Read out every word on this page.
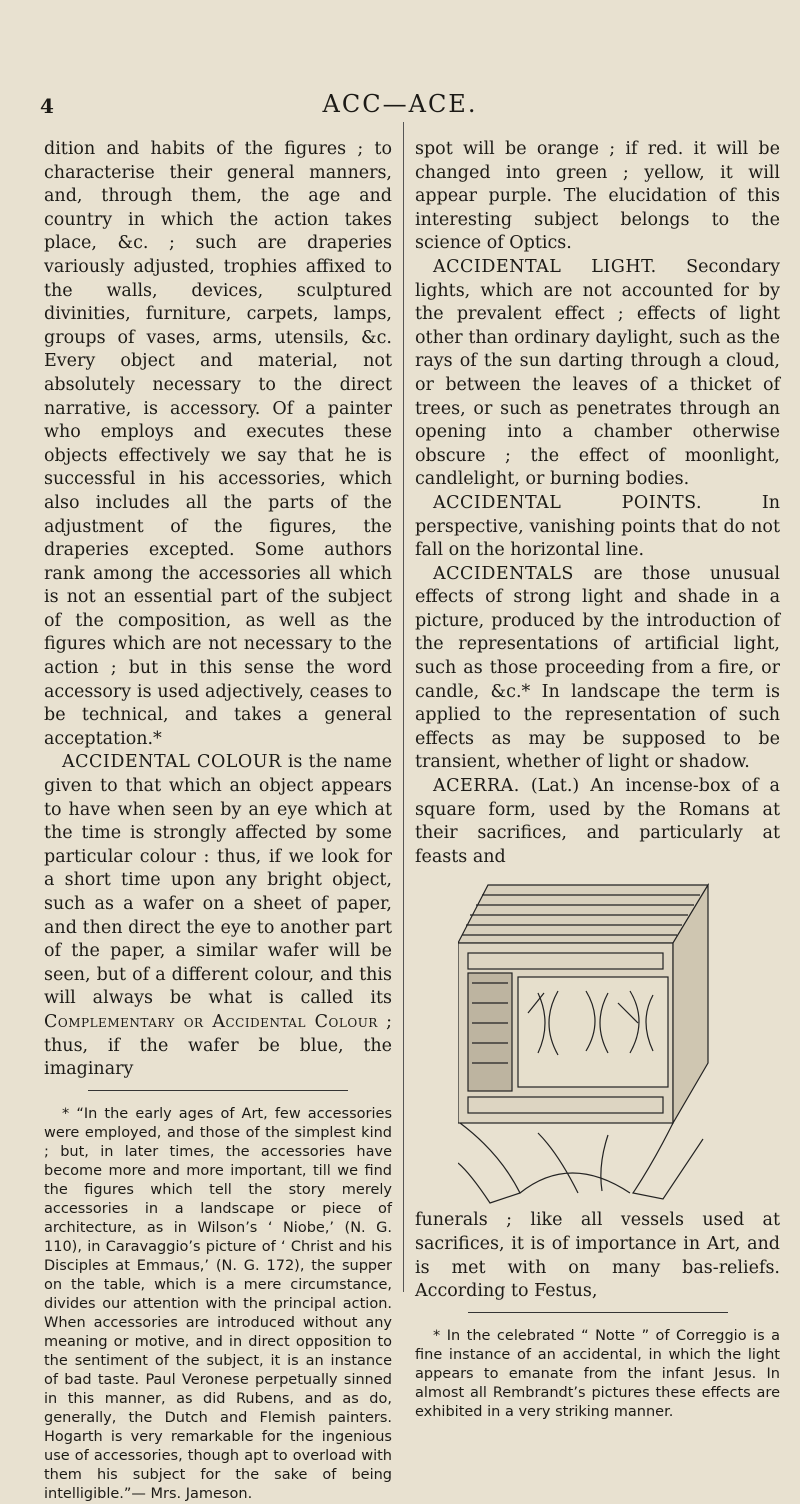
4	ACC—ACE.

dition and habits of the figures ; to characterise their general manners, and, through them, the age and country in which the action takes place, &c. ; such are draperies variously adjusted, trophies affixed to the walls, devices, sculptured divinities, furniture, carpets, lamps, groups of vases, arms, utensils, &c. Every object and material, not absolutely necessary to the direct narrative, is accessory. Of a painter who employs and executes these objects effectively we say that he is successful in his accessories, which also includes all the parts of the adjustment of the figures, the draperies excepted. Some authors rank among the accessories all which is not an essential part of the subject of the composition, as well as the figures which are not necessary to the action ; but in this sense the word accessory is used adjectively, ceases to be technical, and takes a general acceptation.*

ACCIDENTAL COLOUR is the name given to that which an object appears to have when seen by an eye which at the time is strongly affected by some particular colour : thus, if we look for a short time upon any bright object, such as a wafer on a sheet of paper, and then direct the eye to another part of the paper, a similar wafer will be seen, but of a different colour, and this will always be what is called its Complementary or Accidental Colour ; thus, if the wafer be blue, the imaginary

* “In the early ages of Art, few accessories were employed, and those of the simplest kind ; but, in later times, the accessories have become more and more important, till we find the figures which tell the story merely accessories in a landscape or piece of architecture, as in Wilson’s ‘ Niobe,’ (N. G. 110), in Caravaggio’s picture of ‘ Christ and his Disciples at Emmaus,’ (N. G. 172), the supper on the table, which is a mere circumstance, divides our attention with the principal action. When accessories are introduced without any meaning or motive, and in direct opposition to the sentiment of the subject, it is an instance of bad taste. Paul Veronese perpetually sinned in this manner, as did Rubens, and as do, generally, the Dutch and Flemish painters. Hogarth is very remarkable for the ingenious use of accessories, though apt to overload with them his subject for the sake of being intelligible.”— Mrs. Jameson.

spot will be orange ; if red. it will be changed into green ; yellow, it will appear purple. The elucidation of this interesting subject belongs to the science of Optics.

ACCIDENTAL LIGHT. Secondary lights, which are not accounted for by the prevalent effect ; effects of light other than ordinary daylight, such as the rays of the sun darting through a cloud, or between the leaves of a thicket of trees, or such as penetrates through an opening into a chamber otherwise obscure ; the effect of moonlight, candlelight, or burning bodies.

ACCIDENTAL POINTS.	In perspective, vanishing points that do not fall on the horizontal line.

ACCIDENTALS are those unusual effects of strong light and shade in a picture, produced by the introduction of the representations of artificial light, such as those proceeding from a fire, or candle, &c.* In landscape the term is applied to the representation of such effects as may be supposed to be transient, whether of light or shadow.

ACERRA. (Lat.) An incense-box of a square form, used by the Romans at their sacrifices, and particularly at feasts and

funerals ; like all vessels used at sacrifices, it is of importance in Art, and is met with on many bas-reliefs. According to Festus,

* In the celebrated “ Notte ” of Correggio is a fine instance of an accidental, in which the light appears to emanate from the infant Jesus. In almost all Rembrandt’s pictures these effects are exhibited in a very striking manner.
